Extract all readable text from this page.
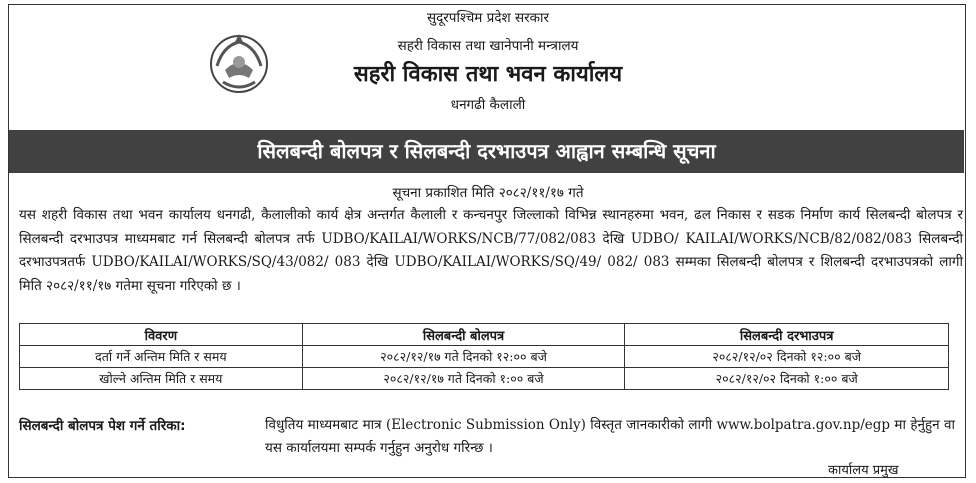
सुदूरपश्चिम प्रदेश सरकार
सहरी विकास तथा खानेपानी मन्त्रालय
सहरी विकास तथा भवन कार्यालय
धनगढी कैलाली
सिलबन्दी बोलपत्र र सिलबन्दी दरभाउपत्र आह्वान सम्बन्धि सूचना
सूचना प्रकाशित मिति २०८२/११/१७ गते
यस शहरी विकास तथा भवन कार्यालय धनगढी, कैलालीको कार्य क्षेत्र अन्तर्गत कैलाली र कन्चनपुर जिल्लाको विभिन्न स्थानहरुमा भवन, ढल निकास र सडक निर्माण कार्य सिलबन्दी बोलपत्र र सिलबन्दी दरभाउपत्र माध्यमबाट गर्न सिलबन्दी बोलपत्र तर्फ UDBO/KAILAI/WORKS/NCB/77/082/083 देखि UDBO/ KAILAI/WORKS/NCB/82/082/083 सिलबन्दी दरभाउपत्रतर्फ UDBO/KAILAI/WORKS/SQ/43/082/ 083 देखि UDBO/KAILAI/WORKS/SQ/49/ 082/ 083 सम्मका सिलबन्दी बोलपत्र र शिलबन्दी दरभाउपत्रको लागी मिति २०८२/११/१७ गतेमा सूचना गरिएको छ ।
विवरण	सिलबन्दी बोलपत्र	सिलबन्दी दरभाउपत्र
दर्ता गर्ने अन्तिम मिति र समय	२०८२/१२/१७ गते दिनको १२:०० बजे	२०८२/१२/०२ दिनको १२:०० बजे
खोल्ने अन्तिम मिति र समय	२०८२/१२/१७ गते दिनको १:०० बजे	२०८२/१२/०२ दिनको १:०० बजे
सिलबन्दी बोलपत्र पेश गर्ने तरिका:	विधुतिय माध्यमबाट मात्र (Electronic Submission Only) विस्तृत जानकारीको लागी www.bolpatra.gov.np/egp मा हेर्नुहुन वा यस कार्यालयमा सम्पर्क गर्नुहुन अनुरोध गरिन्छ ।
कार्यालय प्रमुख
